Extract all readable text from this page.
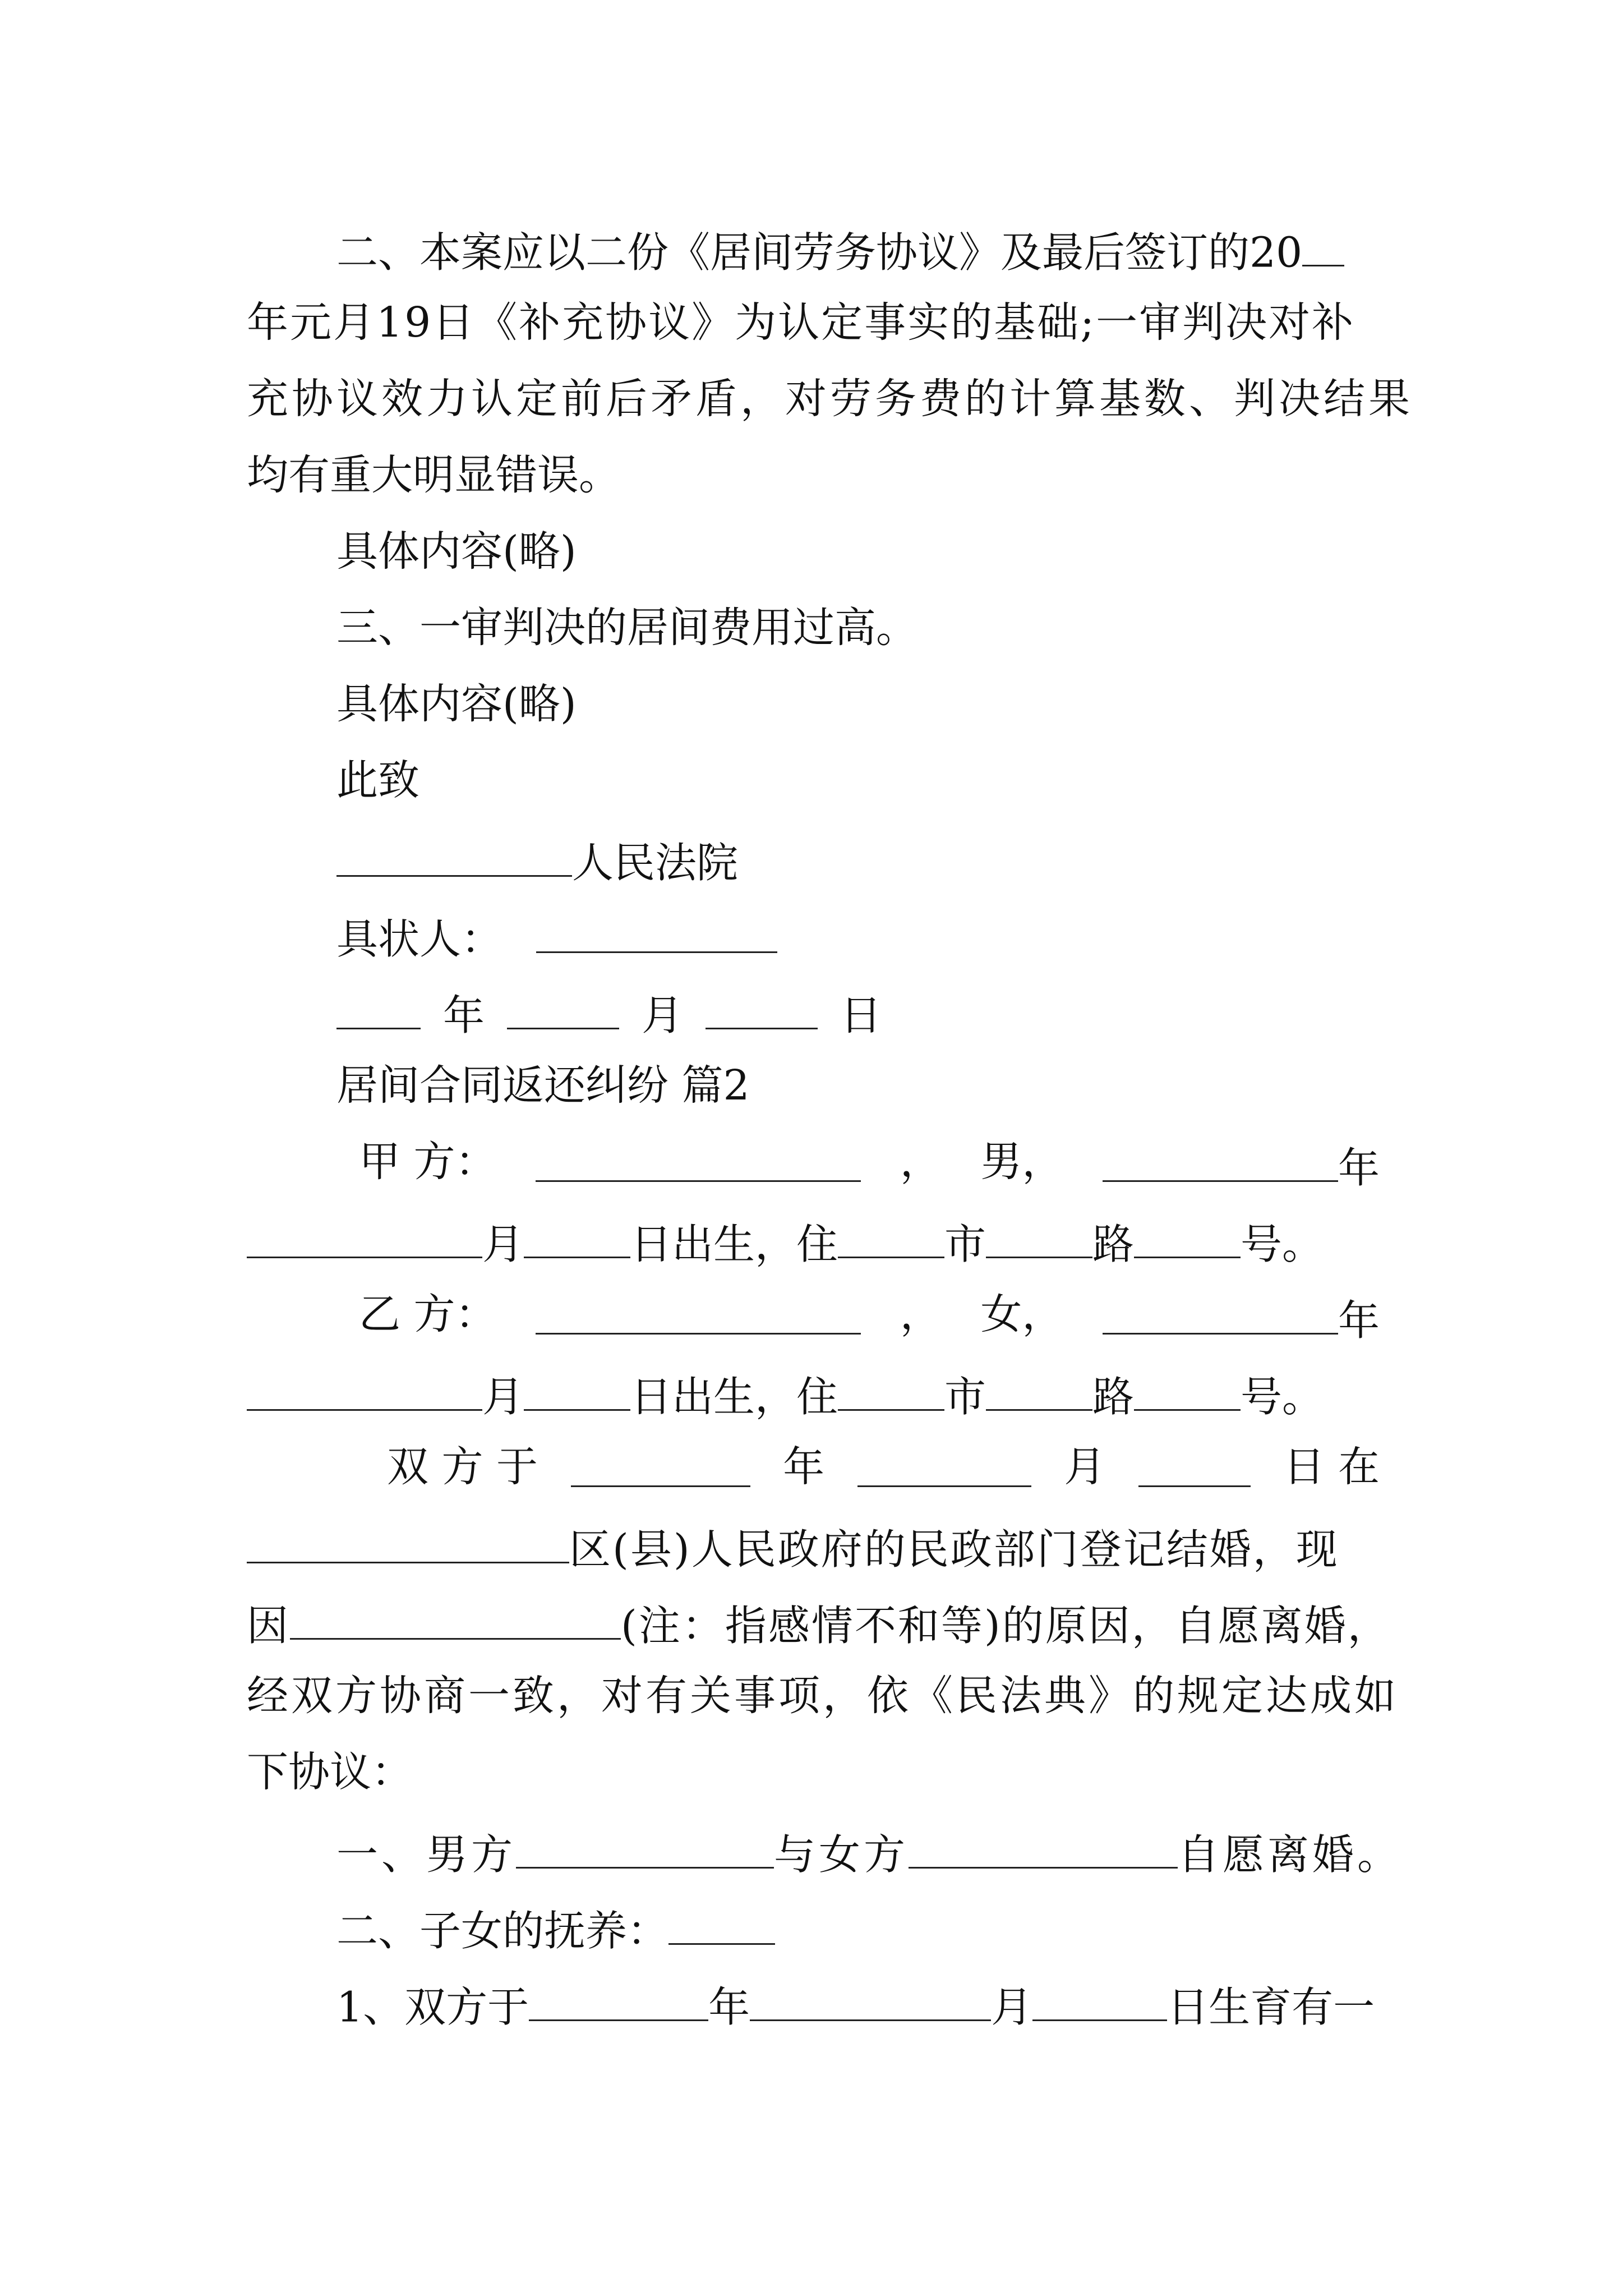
二、本案应以二份《居间劳务协议》及最后签订的20
年元月19日《补充协议》为认定事实的基础;一审判决对补
充协议效力认定前后矛盾，对劳务费的计算基数、判决结果
均有重大明显错误。
具体内容(略)
三、一审判决的居间费用过高。
具体内容(略)
此致
人民法院
具状人：
年	月	日
居间合同返还纠纷 篇2
甲 方：	， 男，	年
月	日出生，住	市	路	号。
乙 方：	， 女，	年
月	日出生，住	市	路	号。
双 方 于	年	月	日 在
区(县)人民政府的民政部门登记结婚，现
因	(注：指感情不和等)的原因，自愿离婚，
经双方协商一致，对有关事项，依《民法典》的规定达成如
下协议：
一、男方	与女方	自愿离婚。
二、子女的抚养：
1、双方于	年	月	日生育有一
